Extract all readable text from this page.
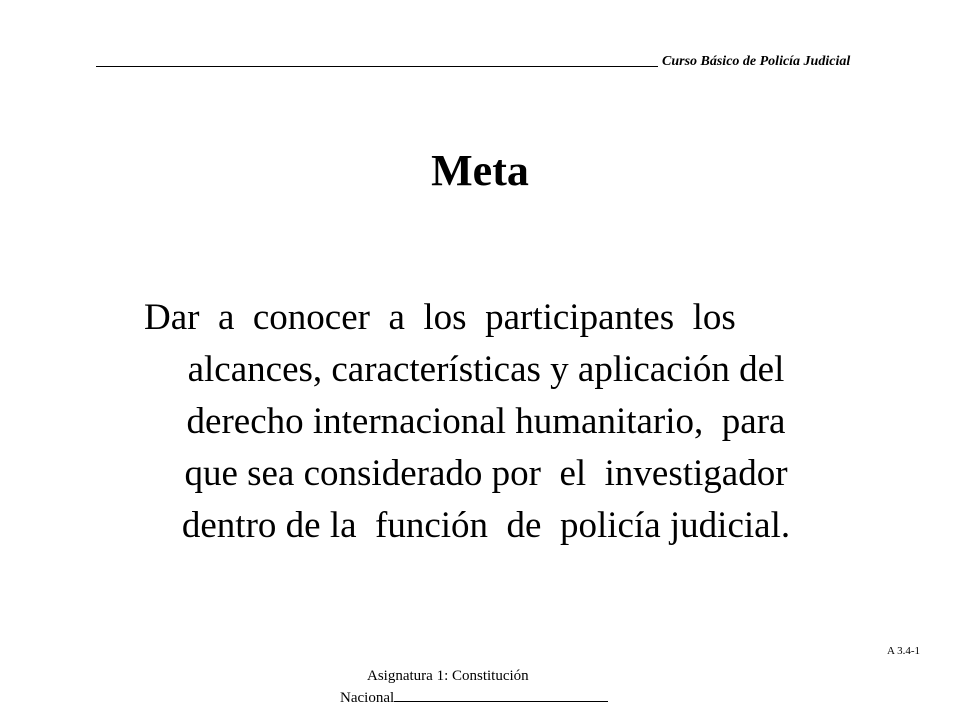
Curso Básico de Policía Judicial
Meta
Dar  a  conocer  a  los  participantes  los
alcances, características y aplicación del
derecho internacional humanitario,  para
que sea considerado por  el  investigador
dentro de la  función  de  policía judicial.
A 3.4-1
Asignatura 1: Constitución
Nacional
